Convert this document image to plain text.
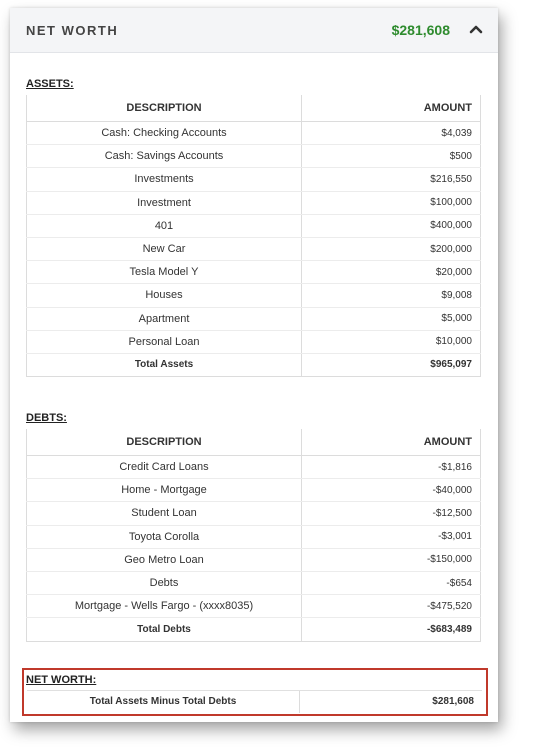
NET WORTH	$281,608
ASSETS:
DESCRIPTION	AMOUNT
Cash: Checking Accounts	$4,039
Cash: Savings Accounts	$500
Investments	$216,550
Investment	$100,000
401	$400,000
New Car	$200,000
Tesla Model Y	$20,000
Houses	$9,008
Apartment	$5,000
Personal Loan	$10,000
Total Assets	$965,097
DEBTS:
DESCRIPTION	AMOUNT
Credit Card Loans	-$1,816
Home - Mortgage	-$40,000
Student Loan	-$12,500
Toyota Corolla	-$3,001
Geo Metro Loan	-$150,000
Debts	-$654
Mortgage - Wells Fargo - (xxxx8035)	-$475,520
Total Debts	-$683,489
NET WORTH:
Total Assets Minus Total Debts	$281,608
